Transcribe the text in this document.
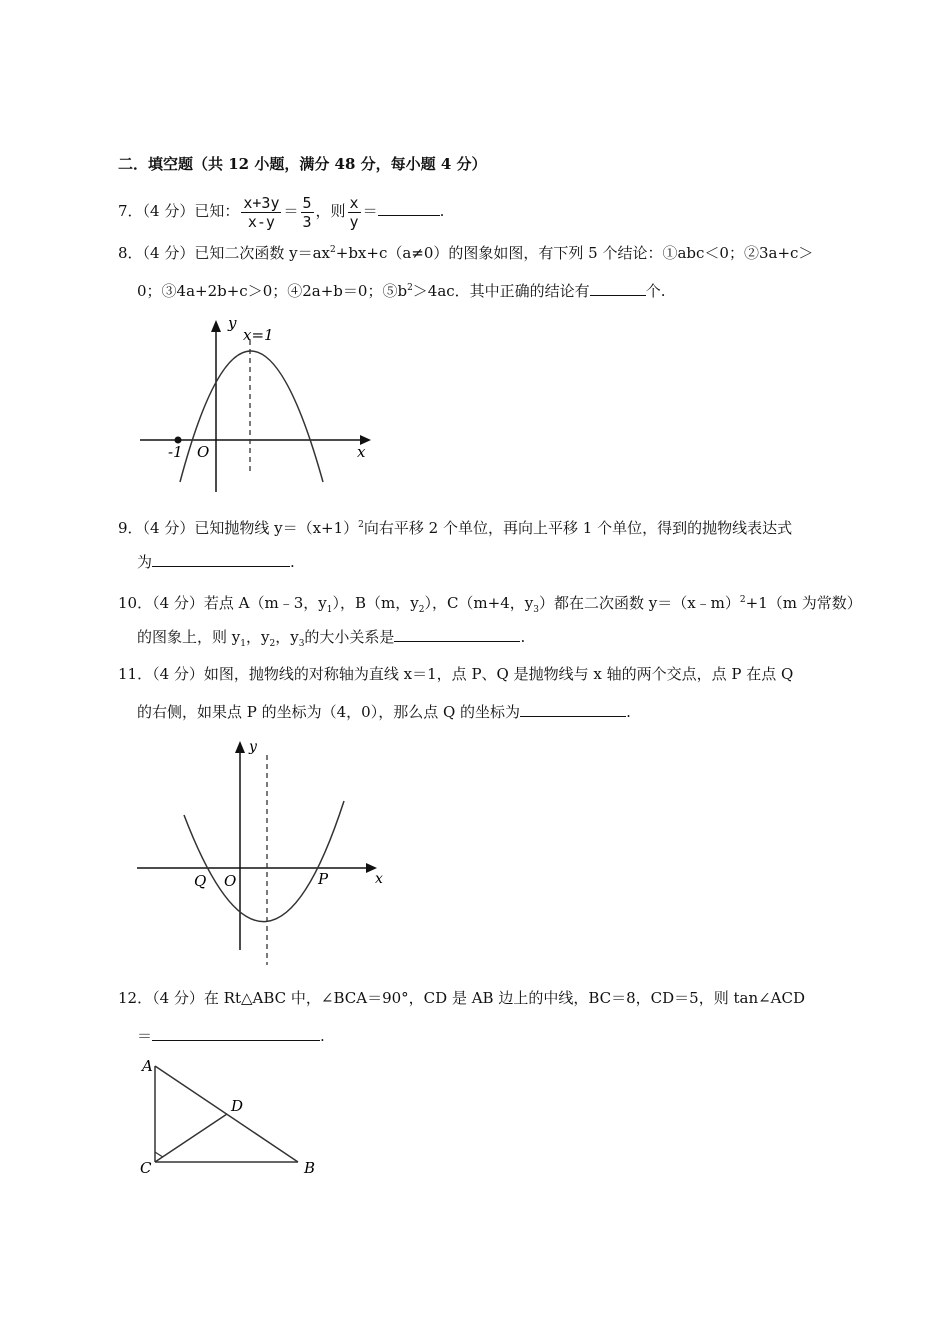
二．填空题（共 12 小题，满分 48 分，每小题 4 分）
7．（4 分）已知： $\frac{x+3y}{x-y} = \frac{5}{3}$ ，则 $\frac{x}{y}$ ＝	.
8．（4 分）已知二次函数 $y=ax^2+bx+c(a\ne 0)$的图象如图，有下列 5 个结论：①abc＜0；②3a+c＞
0；③4a+2b+c＞0；④2a+b＝0；$⑤b^2>4ac$．其中正确的结论有	个.
y
x
x=1
O
-1
9．（4 分）已知抛物线 $y=(x+1)^2$向右平移 2 个单位，再向上平移 1 个单位，得到的抛物线表达式
为	.
10．（4 分）若点 A（m﹣3，$y_1$），B（m，$y_2$），C（m+4，$y_3$）都在二次函数 y＝（x﹣m）$^2$+1（m 为常数）
的图象上，则 $y_1$，$y_2$，$y_3$的大小关系是	.
11．（4 分）如图，抛物线的对称轴为直线 x＝1，点 P、Q 是抛物线与 x 轴的两个交点，点 P 在点 Q
的右侧，如果点 P 的坐标为（4，0），那么点 Q 的坐标为	.
y
x
O
Q	P
12．（4 分）在 Rt△ABC 中，∠BCA＝90°，CD 是 AB 边上的中线，BC＝8，CD＝5，则 tan∠ACD
＝	.
A
D
C	B
